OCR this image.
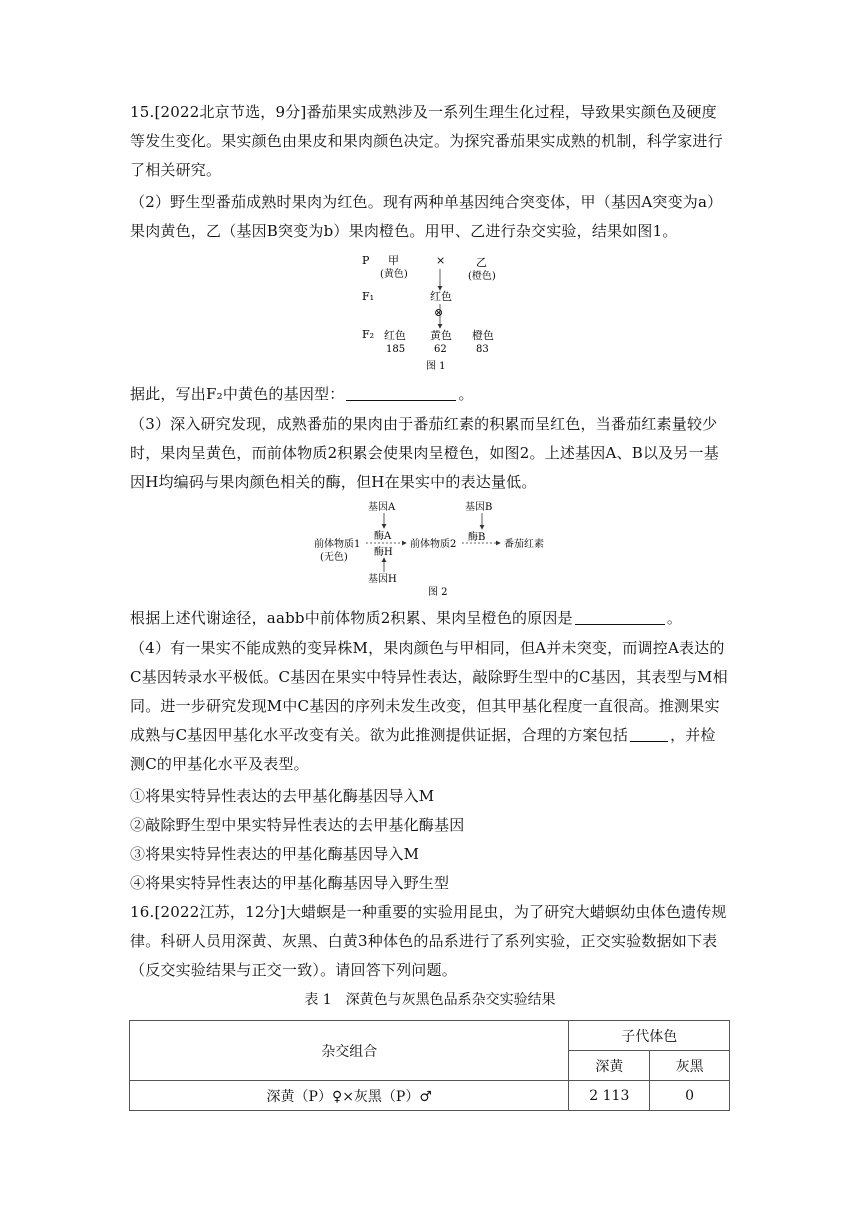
15.[2022北京节选，9分]番茄果实成熟涉及一系列生理生化过程，导致果实颜色及硬度等发生变化。果实颜色由果皮和果肉颜色决定。为探究番茄果实成熟的机制，科学家进行了相关研究。
（2）野生型番茄成熟时果肉为红色。现有两种单基因纯合突变体，甲（基因A突变为a）果肉黄色，乙（基因B突变为b）果肉橙色。用甲、乙进行杂交实验，结果如图1。
P 甲
(黄色)
×	乙
(橙色)
F₁	红色
⊗
F₂ 红色
185
黄色
62
橙色
83
图 1
据此，写出F₂中黄色的基因型：	。
（3）深入研究发现，成熟番茄的果肉由于番茄红素的积累而呈红色，当番茄红素量较少时，果肉呈黄色，而前体物质2积累会使果肉呈橙色，如图2。上述基因A、B以及另一基因H均编码与果肉颜色相关的酶，但H在果实中的表达量低。
基因A
酶A
基因B
酶B
前体物质1
(无色)
前体物质2	番茄红素
酶H
基因H
图 2
根据上述代谢途径，aabb中前体物质2积累、果肉呈橙色的原因是	。
（4）有一果实不能成熟的变异株M，果肉颜色与甲相同，但A并未突变，而调控A表达的C基因转录水平极低。C基因在果实中特异性表达，敲除野生型中的C基因，其表型与M相同。进一步研究发现M中C基因的序列未发生改变，但其甲基化程度一直很高。推测果实成熟与C基因甲基化水平改变有关。欲为此推测提供证据，合理的方案包括	，并检测C的甲基化水平及表型。
①将果实特异性表达的去甲基化酶基因导入M
②敲除野生型中果实特异性表达的去甲基化酶基因
③将果实特异性表达的甲基化酶基因导入M
④将果实特异性表达的甲基化酶基因导入野生型
16.[2022江苏，12分]大蜡螟是一种重要的实验用昆虫，为了研究大蜡螟幼虫体色遗传规律。科研人员用深黄、灰黑、白黄3种体色的品系进行了系列实验，正交实验数据如下表（反交实验结果与正交一致）。请回答下列问题。
表 1　深黄色与灰黑色品系杂交实验结果
杂交组合	子代体色	
	深黄	灰黑
深黄（P）♀×灰黑（P）♂	2 113	0
